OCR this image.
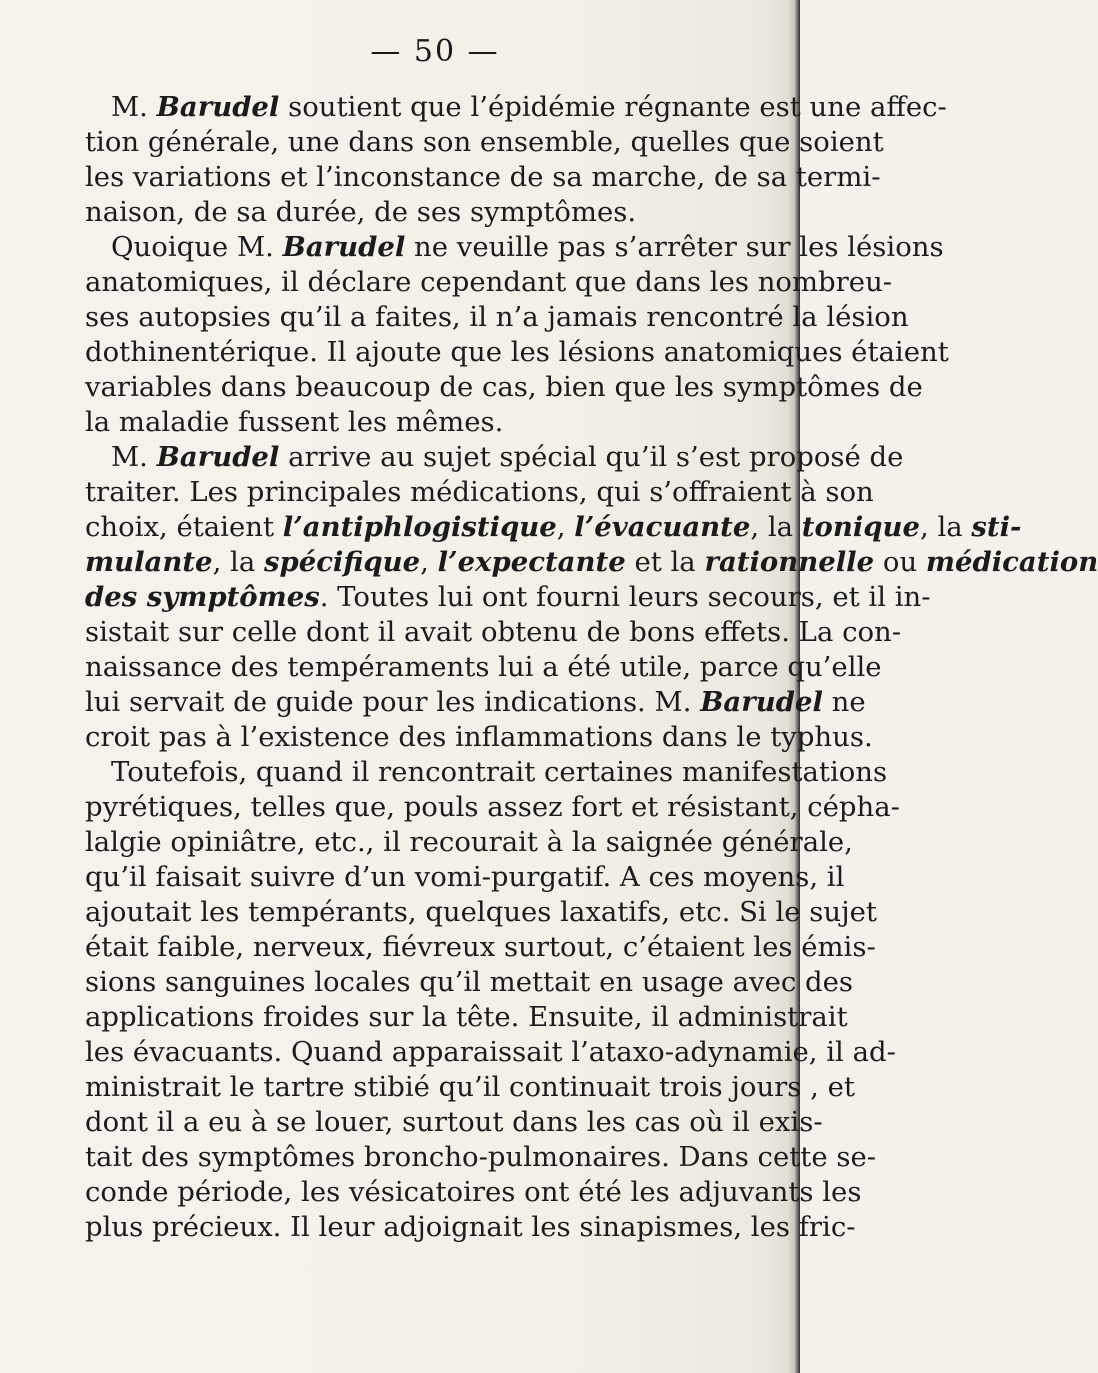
— 50 —
M. Barudel soutient que l’épidémie régnante est une affec-
tion générale, une dans son ensemble, quelles que soient
les variations et l’inconstance de sa marche, de sa termi-
naison, de sa durée, de ses symptômes.
Quoique M. Barudel ne veuille pas s’arrêter sur les lésions
anatomiques, il déclare cependant que dans les nombreu-
ses autopsies qu’il a faites, il n’a jamais rencontré la lésion
dothinentérique. Il ajoute que les lésions anatomiques étaient
variables dans beaucoup de cas, bien que les symptômes de
la maladie fussent les mêmes.
M. Barudel arrive au sujet spécial qu’il s’est proposé de
traiter. Les principales médications, qui s’offraient à son
choix, étaient l’antiphlogistique, l’évacuante, la tonique, la sti-
mulante, la spécifique, l’expectante et la rationnelle ou médication
des symptômes. Toutes lui ont fourni leurs secours, et il in-
sistait sur celle dont il avait obtenu de bons effets. La con-
naissance des tempéraments lui a été utile, parce qu’elle
lui servait de guide pour les indications. M. Barudel ne
croit pas à l’existence des inflammations dans le typhus.
Toutefois, quand il rencontrait certaines manifestations
pyrétiques, telles que, pouls assez fort et résistant, cépha-
lalgie opiniâtre, etc., il recourait à la saignée générale,
qu’il faisait suivre d’un vomi-purgatif. A ces moyens, il
ajoutait les tempérants, quelques laxatifs, etc. Si le sujet
était faible, nerveux, fiévreux surtout, c’étaient les émis-
sions sanguines locales qu’il mettait en usage avec des
applications froides sur la tête. Ensuite, il administrait
les évacuants. Quand apparaissait l’ataxo-adynamie, il ad-
ministrait le tartre stibié qu’il continuait trois jours , et
dont il a eu à se louer, surtout dans les cas où il exis-
tait des symptômes broncho-pulmonaires. Dans cette se-
conde période, les vésicatoires ont été les adjuvants les
plus précieux. Il leur adjoignait les sinapismes, les fric-
